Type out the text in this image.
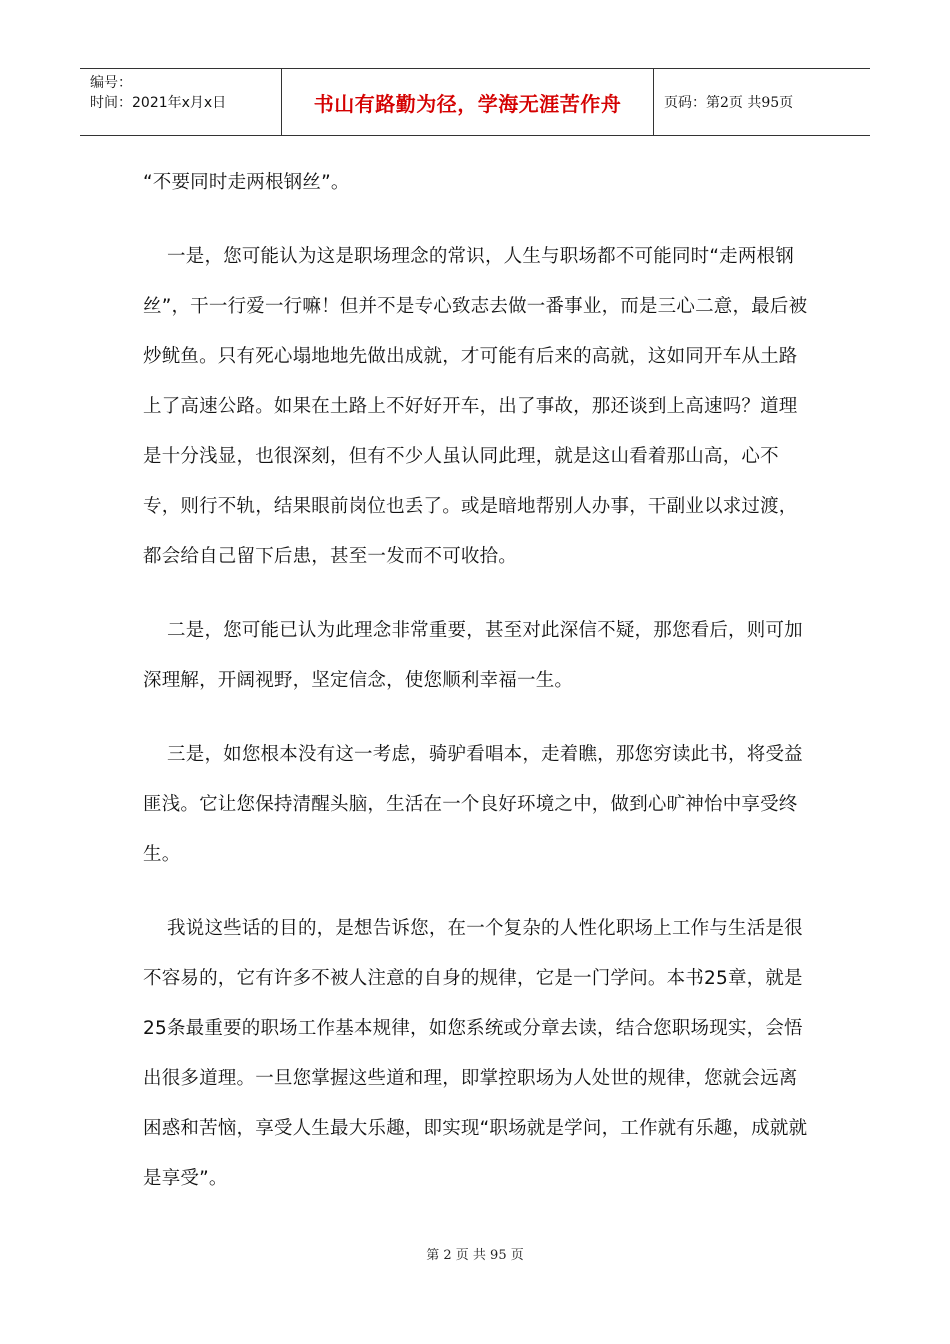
编号：
时间：2021年x月x日	书山有路勤为径，学海无涯苦作舟	页码：第2页 共95页

“不要同时走两根钢丝”。

一是，您可能认为这是职场理念的常识，人生与职场都不可能同时“走两根钢丝”，干一行爱一行嘛！但并不是专心致志去做一番事业，而是三心二意，最后被炒鱿鱼。只有死心塌地地先做出成就，才可能有后来的高就，这如同开车从土路上了高速公路。如果在土路上不好好开车，出了事故，那还谈到上高速吗？道理是十分浅显，也很深刻，但有不少人虽认同此理，就是这山看着那山高，心不专，则行不轨，结果眼前岗位也丢了。或是暗地帮别人办事，干副业以求过渡，都会给自己留下后患，甚至一发而不可收拾。

二是，您可能已认为此理念非常重要，甚至对此深信不疑，那您看后，则可加深理解，开阔视野，坚定信念，使您顺利幸福一生。

三是，如您根本没有这一考虑，骑驴看唱本，走着瞧，那您穷读此书，将受益匪浅。它让您保持清醒头脑，生活在一个良好环境之中，做到心旷神怡中享受终生。

我说这些话的目的，是想告诉您，在一个复杂的人性化职场上工作与生活是很不容易的，它有许多不被人注意的自身的规律，它是一门学问。本书25章，就是25条最重要的职场工作基本规律，如您系统或分章去读，结合您职场现实，会悟出很多道理。一旦您掌握这些道和理，即掌控职场为人处世的规律，您就会远离困惑和苦恼，享受人生最大乐趣，即实现“职场就是学问，工作就有乐趣，成就就是享受”。

第 2 页 共 95 页
